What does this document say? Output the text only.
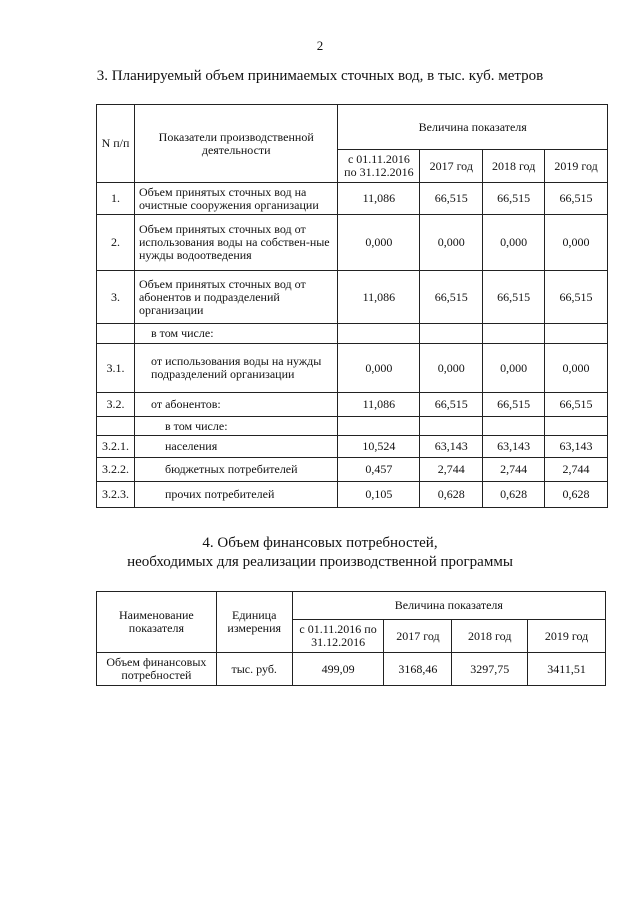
2
3. Планируемый объем принимаемых сточных вод, в тыс. куб. метров
N п/п	Показатели производственной деятельности	Величина показателя			
		с 01.11.2016 по 31.12.2016	2017 год	2018 год	2019 год
1.	Объем принятых сточных вод на очистные сооружения организации	11,086	66,515	66,515	66,515
2.	Объем принятых сточных вод от использования воды на собствен-ные нужды водоотведения	0,000	0,000	0,000	0,000
3.	Объем принятых сточных вод от абонентов и подразделений организации	11,086	66,515	66,515	66,515
	в том числе:				
3.1.	от использования воды на нужды подразделений организации	0,000	0,000	0,000	0,000
3.2.	от абонентов:	11,086	66,515	66,515	66,515
	в том числе:				
3.2.1.	населения	10,524	63,143	63,143	63,143
3.2.2.	бюджетных потребителей	0,457	2,744	2,744	2,744
3.2.3.	прочих потребителей	0,105	0,628	0,628	0,628
4. Объем финансовых потребностей,
необходимых для реализации производственной программы
Наименование показателя	Единица измерения	Величина показателя			
		с 01.11.2016 по 31.12.2016	2017 год	2018 год	2019 год
Объем финансовых потребностей	тыс. руб.	499,09	3168,46	3297,75	3411,51
